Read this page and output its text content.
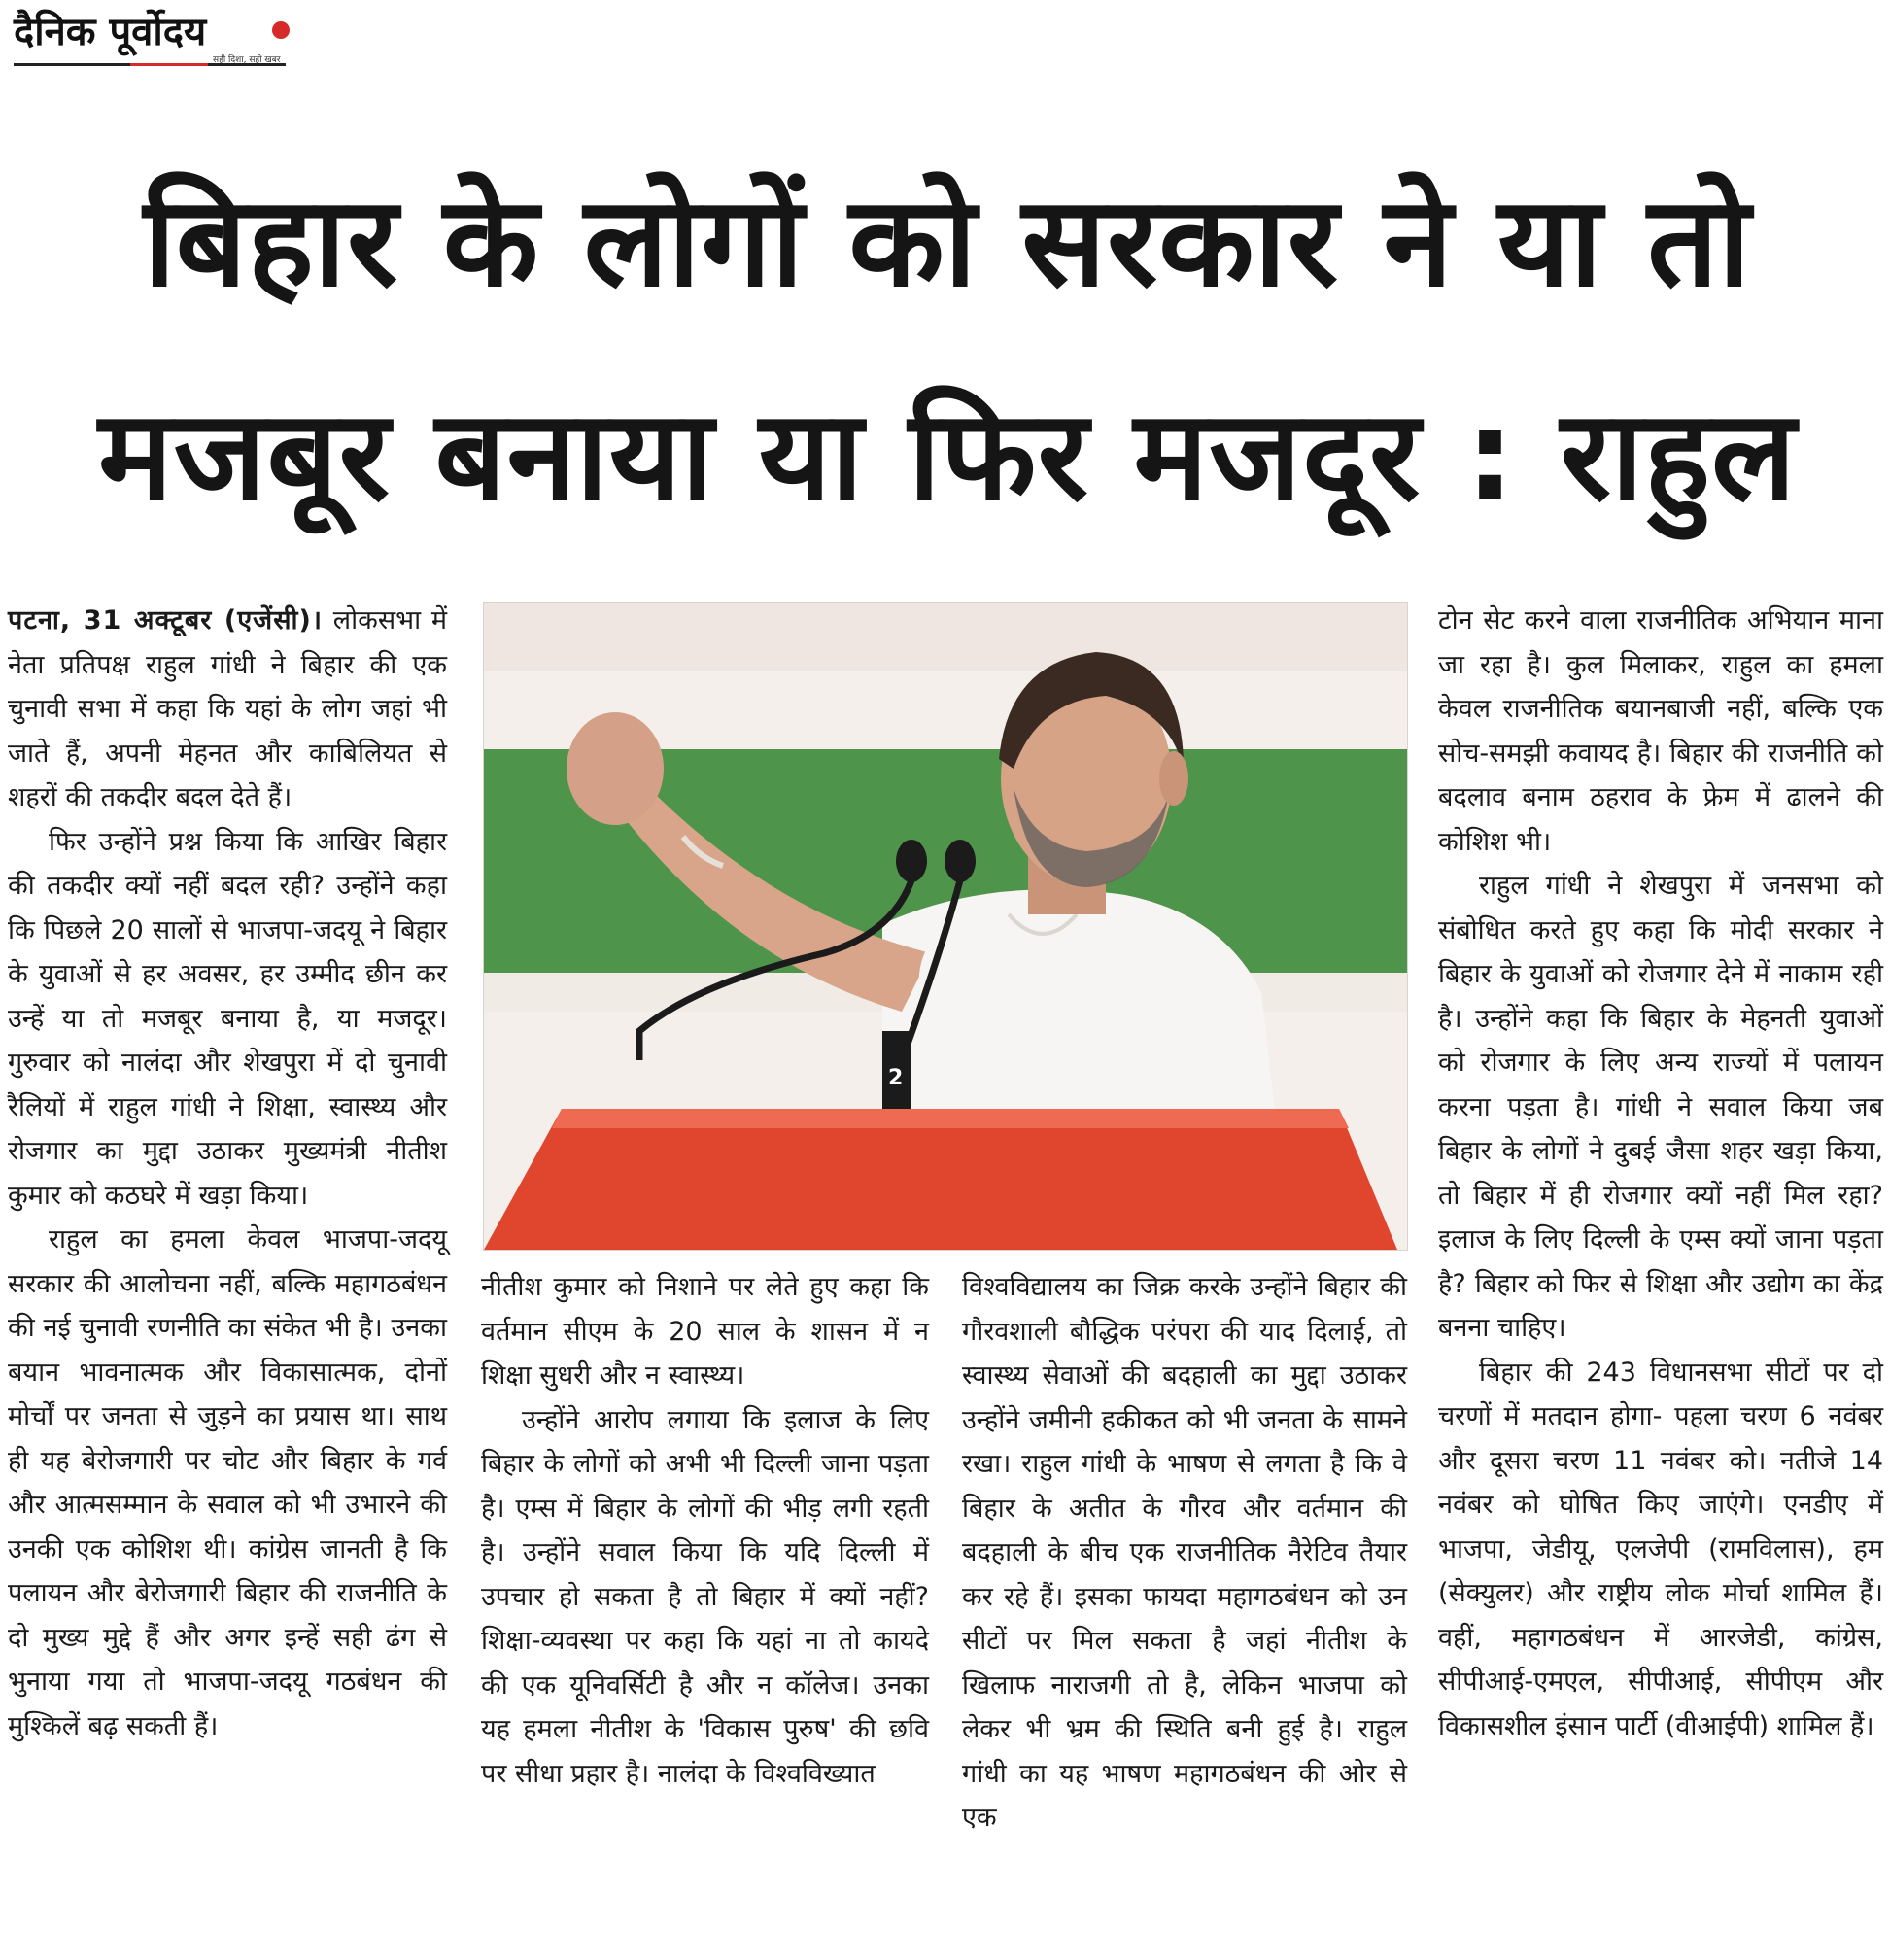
दैनिक पूर्वोदय
सही दिशा, सही खबर
बिहार के लोगों को सरकार ने या तो मजबूर बनाया या फिर मजदूर : राहुल

पटना, 31 अक्टूबर (एजेंसी)। लोकसभा में नेता प्रतिपक्ष राहुल गांधी ने बिहार की एक चुनावी सभा में कहा कि यहां के लोग जहां भी जाते हैं, अपनी मेहनत और काबिलियत से शहरों की तकदीर बदल देते हैं।

फिर उन्होंने प्रश्न किया कि आखिर बिहार की तकदीर क्यों नहीं बदल रही? उन्होंने कहा कि पिछले 20 सालों से भाजपा-जदयू ने बिहार के युवाओं से हर अवसर, हर उम्मीद छीन कर उन्हें या तो मजबूर बनाया है, या मजदूर। गुरुवार को नालंदा और शेखपुरा में दो चुनावी रैलियों में राहुल गांधी ने शिक्षा, स्वास्थ्य और रोजगार का मुद्दा उठाकर मुख्यमंत्री नीतीश कुमार को कठघरे में खड़ा किया।

राहुल का हमला केवल भाजपा-जदयू सरकार की आलोचना नहीं, बल्कि महागठबंधन की नई चुनावी रणनीति का संकेत भी है। उनका बयान भावनात्मक और विकासात्मक, दोनों मोर्चों पर जनता से जुड़ने का प्रयास था। साथ ही यह बेरोजगारी पर चोट और बिहार के गर्व और आत्मसम्मान के सवाल को भी उभारने की उनकी एक कोशिश थी। कांग्रेस जानती है कि पलायन और बेरोजगारी बिहार की राजनीति के दो मुख्य मुद्दे हैं और अगर इन्हें सही ढंग से भुनाया गया तो भाजपा-जदयू गठबंधन की मुश्किलें बढ़ सकती हैं।

2

नीतीश कुमार को निशाने पर लेते हुए कहा कि वर्तमान सीएम के 20 साल के शासन में न शिक्षा सुधरी और न स्वास्थ्य।

उन्होंने आरोप लगाया कि इलाज के लिए बिहार के लोगों को अभी भी दिल्ली जाना पड़ता है। एम्स में बिहार के लोगों की भीड़ लगी रहती है। उन्होंने सवाल किया कि यदि दिल्ली में उपचार हो सकता है तो बिहार में क्यों नहीं? शिक्षा-व्यवस्था पर कहा कि यहां ना तो कायदे की एक यूनिवर्सिटी है और न कॉलेज। उनका यह हमला नीतीश के 'विकास पुरुष' की छवि पर सीधा प्रहार है। नालंदा के विश्वविख्यात

विश्वविद्यालय का जिक्र करके उन्होंने बिहार की गौरवशाली बौद्धिक परंपरा की याद दिलाई, तो स्वास्थ्य सेवाओं की बदहाली का मुद्दा उठाकर उन्होंने जमीनी हकीकत को भी जनता के सामने रखा। राहुल गांधी के भाषण से लगता है कि वे बिहार के अतीत के गौरव और वर्तमान की बदहाली के बीच एक राजनीतिक नैरेटिव तैयार कर रहे हैं। इसका फायदा महागठबंधन को उन सीटों पर मिल सकता है जहां नीतीश के खिलाफ नाराजगी तो है, लेकिन भाजपा को लेकर भी भ्रम की स्थिति बनी हुई है। राहुल गांधी का यह भाषण महागठबंधन की ओर से एक

टोन सेट करने वाला राजनीतिक अभियान माना जा रहा है। कुल मिलाकर, राहुल का हमला केवल राजनीतिक बयानबाजी नहीं, बल्कि एक सोच-समझी कवायद है। बिहार की राजनीति को बदलाव बनाम ठहराव के फ्रेम में ढालने की कोशिश भी।

राहुल गांधी ने शेखपुरा में जनसभा को संबोधित करते हुए कहा कि मोदी सरकार ने बिहार के युवाओं को रोजगार देने में नाकाम रही है। उन्होंने कहा कि बिहार के मेहनती युवाओं को रोजगार के लिए अन्य राज्यों में पलायन करना पड़ता है। गांधी ने सवाल किया जब बिहार के लोगों ने दुबई जैसा शहर खड़ा किया, तो बिहार में ही रोजगार क्यों नहीं मिल रहा? इलाज के लिए दिल्ली के एम्स क्यों जाना पड़ता है? बिहार को फिर से शिक्षा और उद्योग का केंद्र बनना चाहिए।

बिहार की 243 विधानसभा सीटों पर दो चरणों में मतदान होगा- पहला चरण 6 नवंबर और दूसरा चरण 11 नवंबर को। नतीजे 14 नवंबर को घोषित किए जाएंगे। एनडीए में भाजपा, जेडीयू, एलजेपी (रामविलास), हम (सेक्युलर) और राष्ट्रीय लोक मोर्चा शामिल हैं। वहीं, महागठबंधन में आरजेडी, कांग्रेस, सीपीआई-एमएल, सीपीआई, सीपीएम और विकासशील इंसान पार्टी (वीआईपी) शामिल हैं।
